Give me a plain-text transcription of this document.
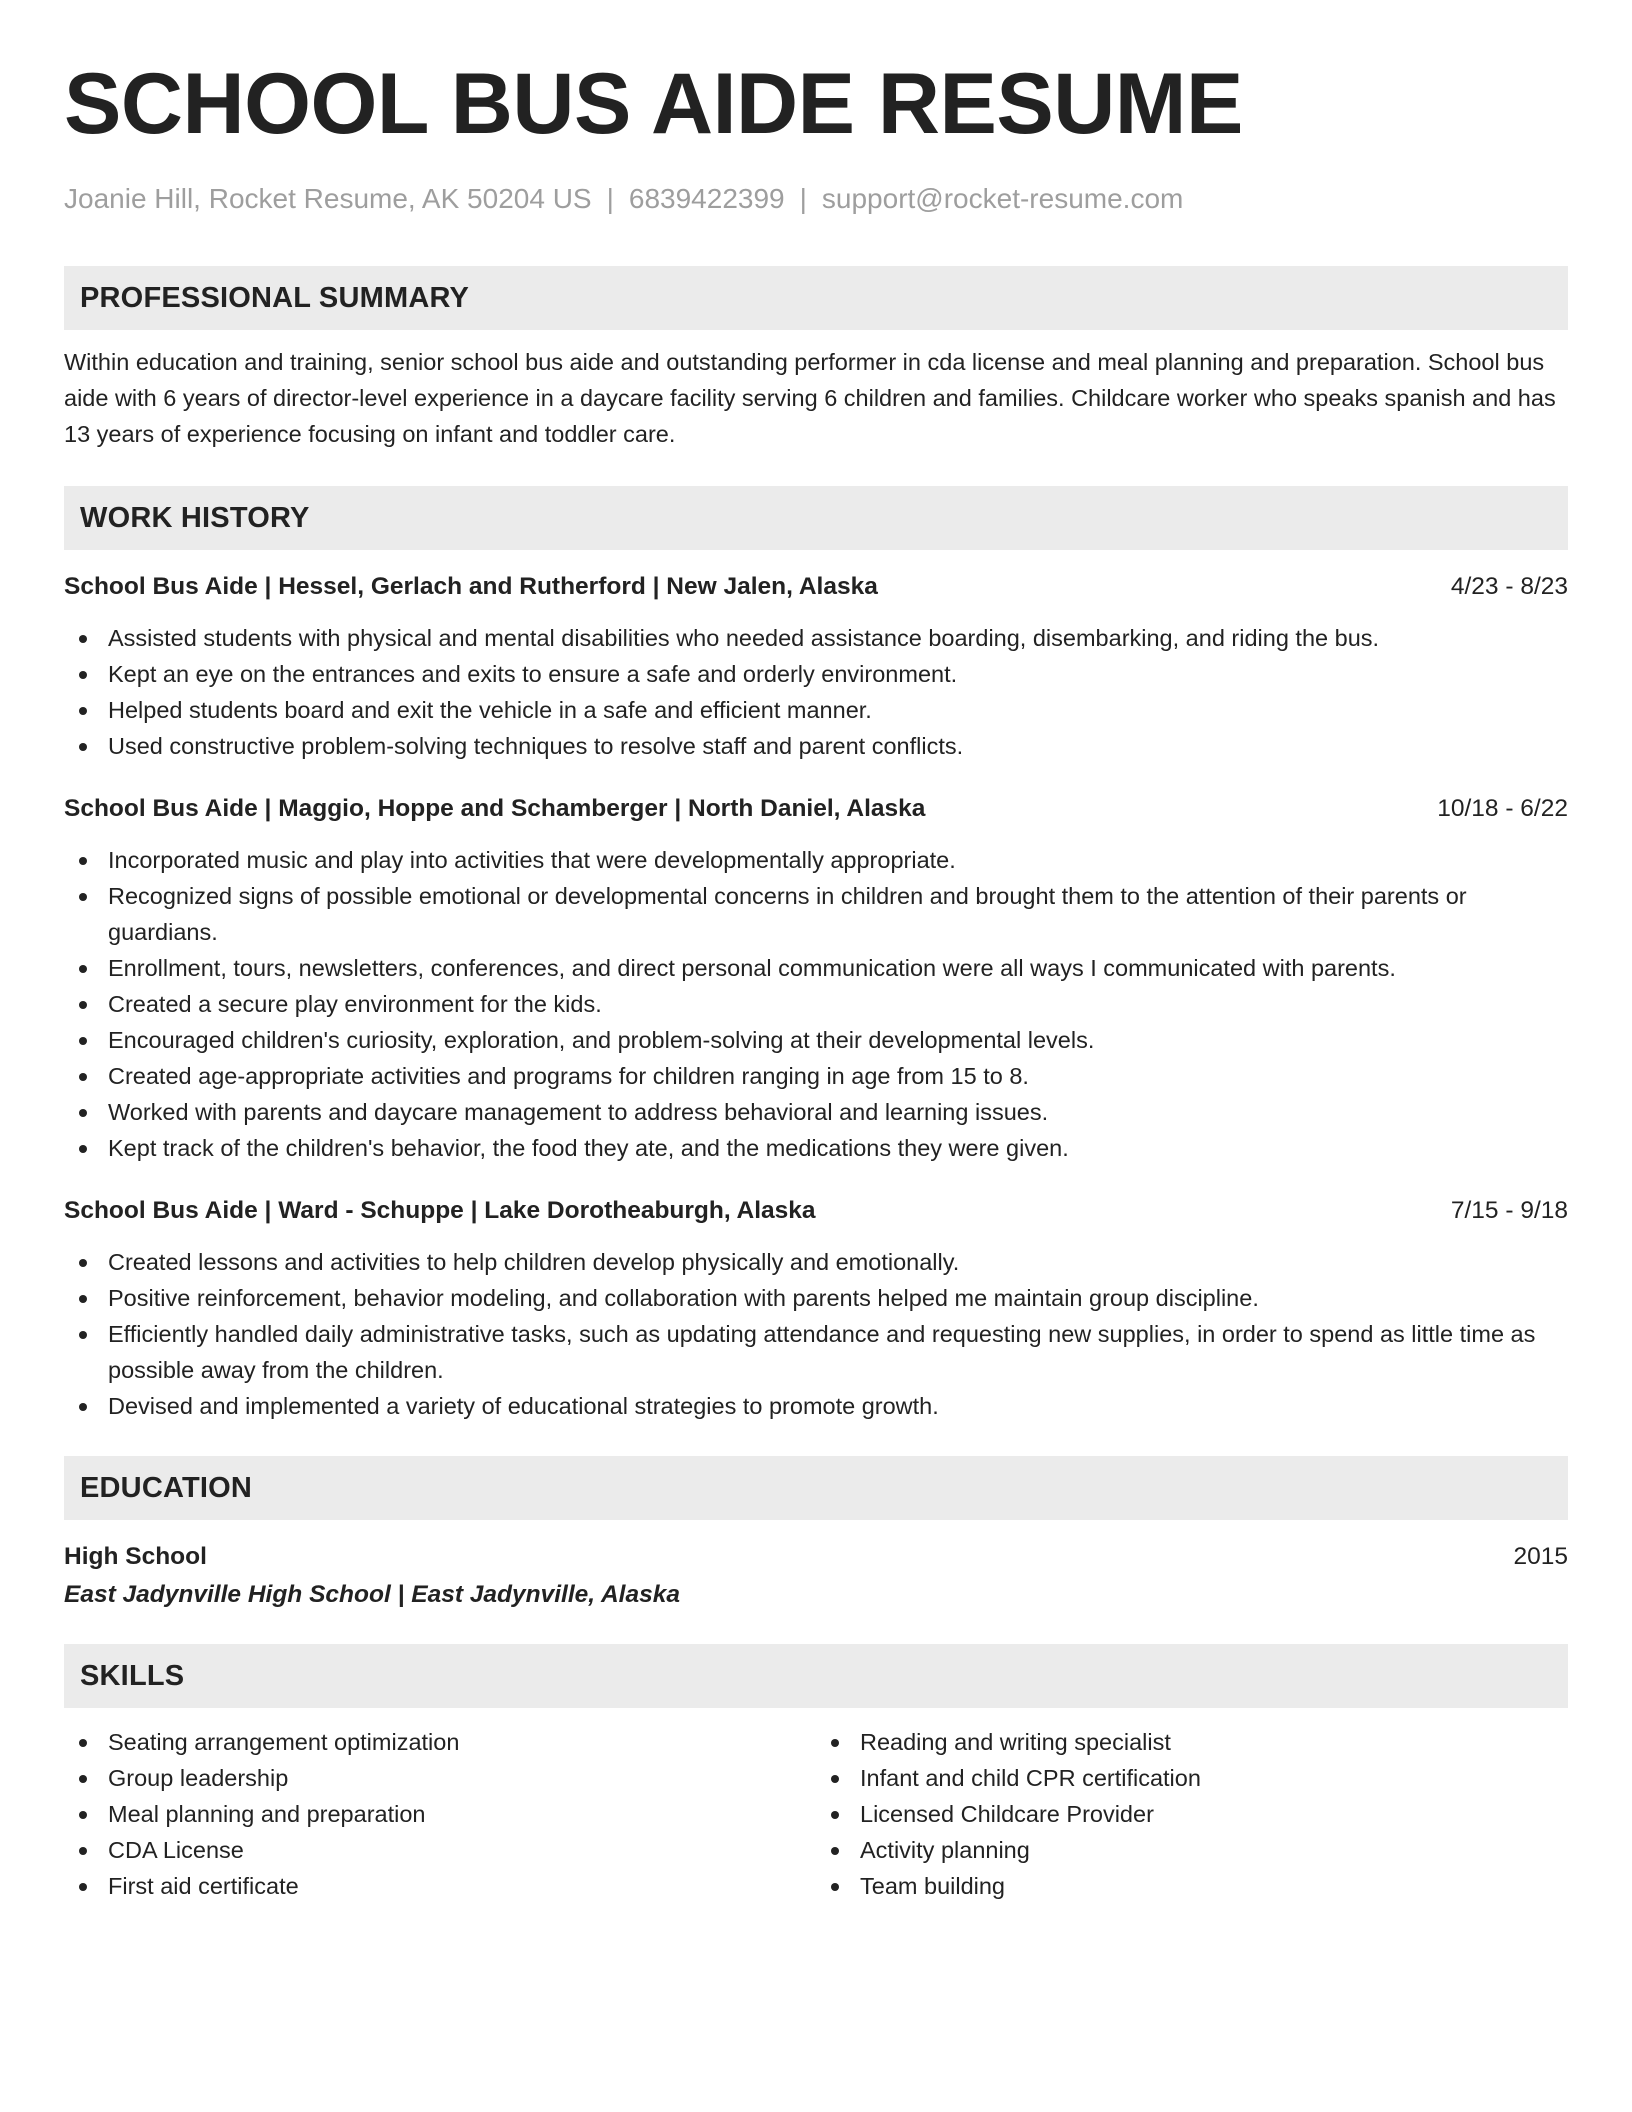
SCHOOL BUS AIDE RESUME
Joanie Hill, Rocket Resume, AK 50204 US | 6839422399 | support@rocket-resume.com
PROFESSIONAL SUMMARY
Within education and training, senior school bus aide and outstanding performer in cda license and meal planning and preparation. School bus aide with 6 years of director-level experience in a daycare facility serving 6 children and families. Childcare worker who speaks spanish and has 13 years of experience focusing on infant and toddler care.
WORK HISTORY
School Bus Aide | Hessel, Gerlach and Rutherford | New Jalen, Alaska	4/23 - 8/23
Assisted students with physical and mental disabilities who needed assistance boarding, disembarking, and riding the bus.
Kept an eye on the entrances and exits to ensure a safe and orderly environment.
Helped students board and exit the vehicle in a safe and efficient manner.
Used constructive problem-solving techniques to resolve staff and parent conflicts.
School Bus Aide | Maggio, Hoppe and Schamberger | North Daniel, Alaska	10/18 - 6/22
Incorporated music and play into activities that were developmentally appropriate.
Recognized signs of possible emotional or developmental concerns in children and brought them to the attention of their parents or guardians.
Enrollment, tours, newsletters, conferences, and direct personal communication were all ways I communicated with parents.
Created a secure play environment for the kids.
Encouraged children's curiosity, exploration, and problem-solving at their developmental levels.
Created age-appropriate activities and programs for children ranging in age from 15 to 8.
Worked with parents and daycare management to address behavioral and learning issues.
Kept track of the children's behavior, the food they ate, and the medications they were given.
School Bus Aide | Ward - Schuppe | Lake Dorotheaburgh, Alaska	7/15 - 9/18
Created lessons and activities to help children develop physically and emotionally.
Positive reinforcement, behavior modeling, and collaboration with parents helped me maintain group discipline.
Efficiently handled daily administrative tasks, such as updating attendance and requesting new supplies, in order to spend as little time as possible away from the children.
Devised and implemented a variety of educational strategies to promote growth.
EDUCATION
High School	2015
East Jadynville High School | East Jadynville, Alaska
SKILLS
Seating arrangement optimization
Group leadership
Meal planning and preparation
CDA License
First aid certificate
Reading and writing specialist
Infant and child CPR certification
Licensed Childcare Provider
Activity planning
Team building
